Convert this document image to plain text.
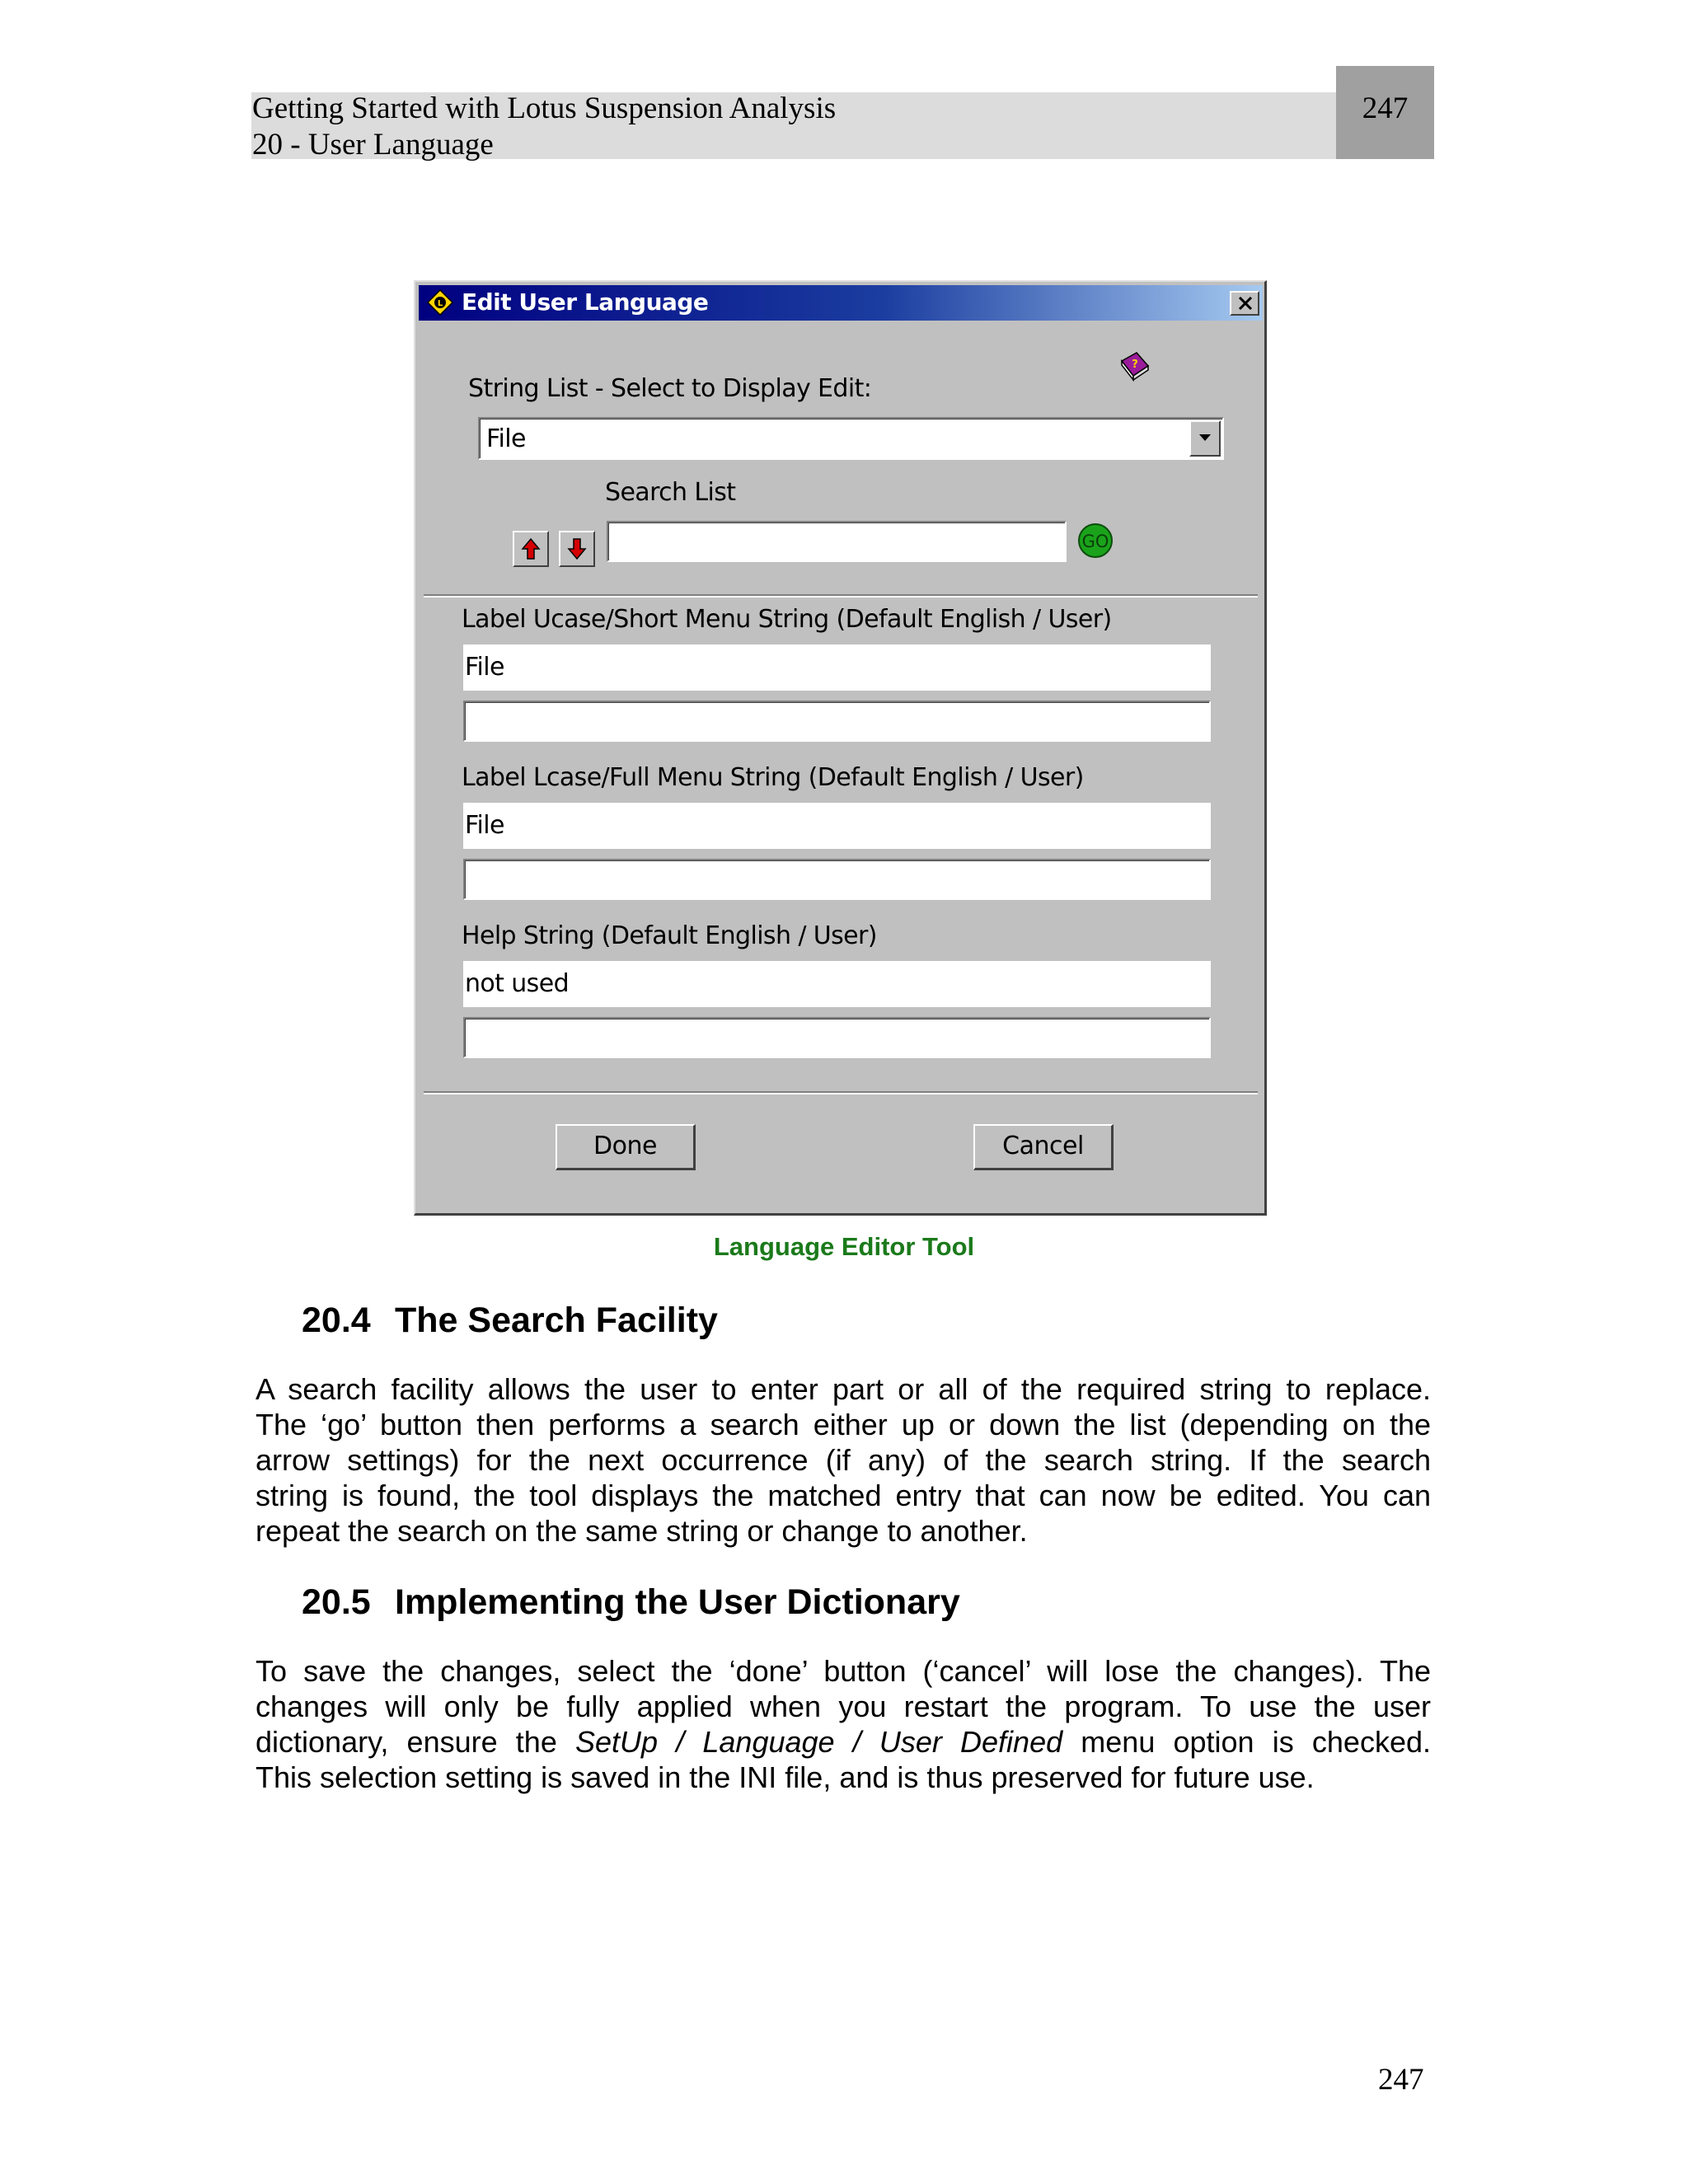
Getting Started with Lotus Suspension Analysis
20 - User Language
247
L Edit User Language
?
String List - Select to Display Edit:
File
Search List
GO
Label Ucase/Short Menu String (Default English / User)
File
Label Lcase/Full Menu String (Default English / User)
File
Help String (Default English / User)
not used
Done	Cancel
Language Editor Tool
20.4 The Search Facility
A search facility allows the user to enter part or all of the required string to replace.
The ‘go’ button then performs a search either up or down the list (depending on the
arrow settings) for the next occurrence (if any) of the search string. If the search
string is found, the tool displays the matched entry that can now be edited. You can
repeat the search on the same string or change to another.
20.5 Implementing the User Dictionary
To save the changes, select the ‘done’ button (‘cancel’ will lose the changes). The
changes will only be fully applied when you restart the program. To use the user
dictionary, ensure the SetUp / Language / User Defined menu option is checked.
This selection setting is saved in the INI file, and is thus preserved for future use.
247
